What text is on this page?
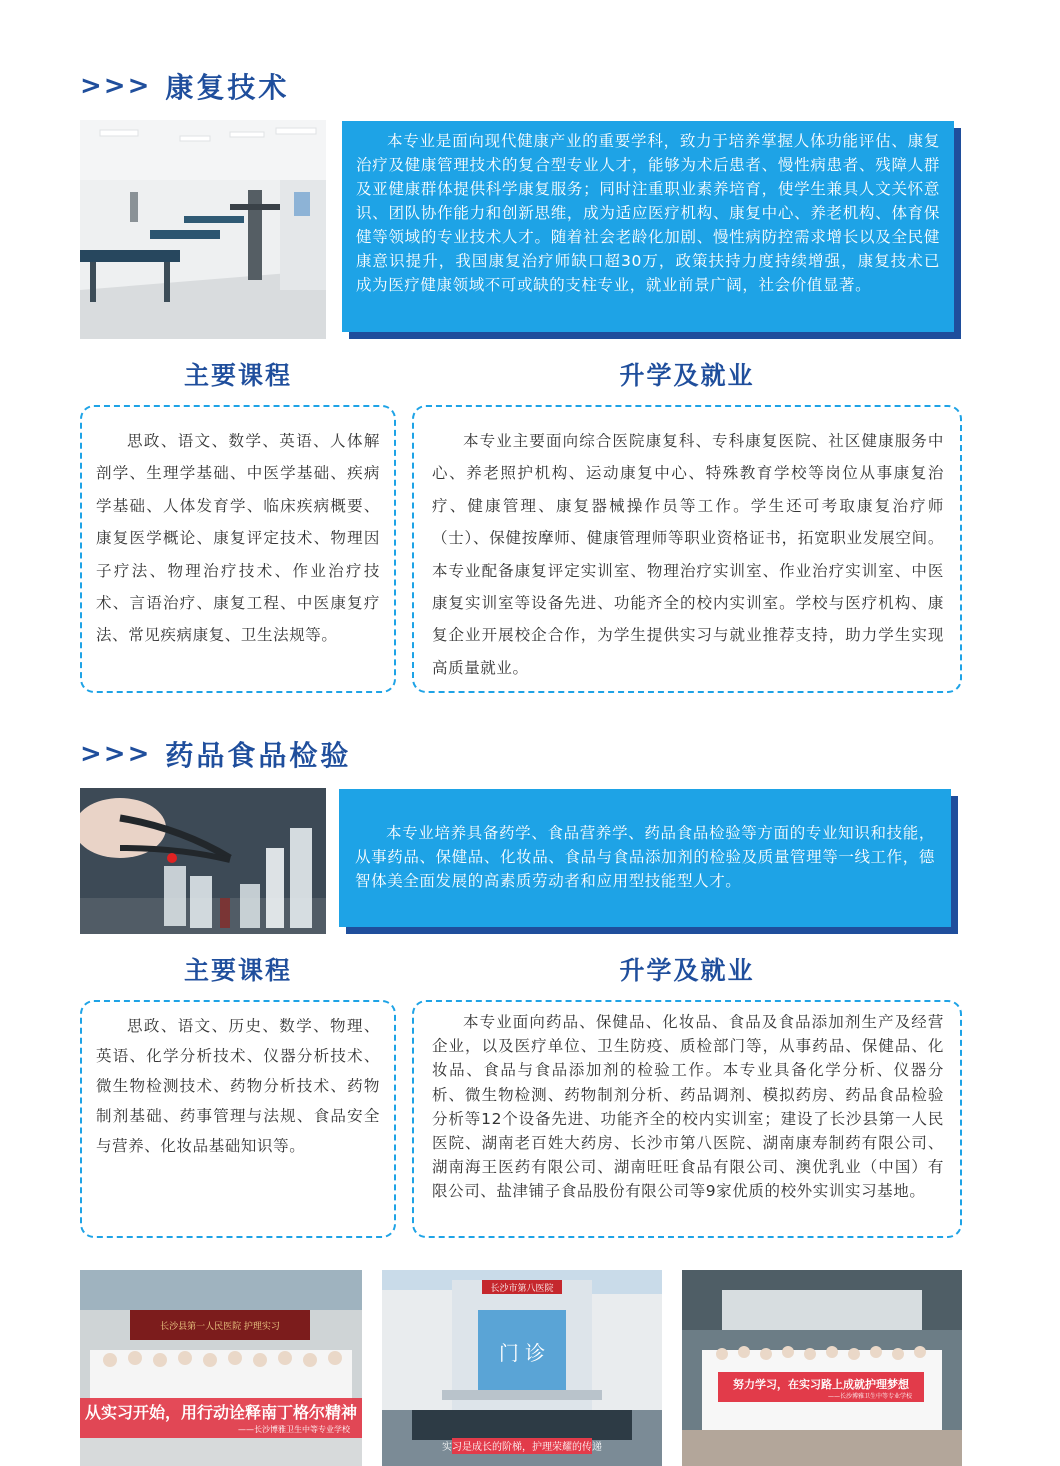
>>> 康复技术

本专业是面向现代健康产业的重要学科，致力于培养掌握人体功能评估、康复治疗及健康管理技术的复合型专业人才，能够为术后患者、慢性病患者、残障人群及亚健康群体提供科学康复服务；同时注重职业素养培育，使学生兼具人文关怀意识、团队协作能力和创新思维，成为适应医疗机构、康复中心、养老机构、体育保健等领域的专业技术人才。随着社会老龄化加剧、慢性病防控需求增长以及全民健康意识提升，我国康复治疗师缺口超30万，政策扶持力度持续增强，康复技术已成为医疗健康领域不可或缺的支柱专业，就业前景广阔，社会价值显著。

主要课程	升学及就业

思政、语文、数学、英语、人体解剖学、生理学基础、中医学基础、疾病学基础、人体发育学、临床疾病概要、康复医学概论、康复评定技术、物理因子疗法、物理治疗技术、作业治疗技术、言语治疗、康复工程、中医康复疗法、常见疾病康复、卫生法规等。

本专业主要面向综合医院康复科、专科康复医院、社区健康服务中心、养老照护机构、运动康复中心、特殊教育学校等岗位从事康复治疗、健康管理、康复器械操作员等工作。学生还可考取康复治疗师（士）、保健按摩师、健康管理师等职业资格证书，拓宽职业发展空间。本专业配备康复评定实训室、物理治疗实训室、作业治疗实训室、中医康复实训室等设备先进、功能齐全的校内实训室。学校与医疗机构、康复企业开展校企合作，为学生提供实习与就业推荐支持，助力学生实现高质量就业。

>>> 药品食品检验

本专业培养具备药学、食品营养学、药品食品检验等方面的专业知识和技能，从事药品、保健品、化妆品、食品与食品添加剂的检验及质量管理等一线工作，德智体美全面发展的高素质劳动者和应用型技能型人才。

主要课程	升学及就业

思政、语文、历史、数学、物理、英语、化学分析技术、仪器分析技术、微生物检测技术、药物分析技术、药物制剂基础、药事管理与法规、食品安全与营养、化妆品基础知识等。

本专业面向药品、保健品、化妆品、食品及食品添加剂生产及经营企业，以及医疗单位、卫生防疫、质检部门等，从事药品、保健品、化妆品、食品与食品添加剂的检验工作。本专业具备化学分析、仪器分析、微生物检测、药物制剂分析、药品调剂、模拟药房、药品食品检验分析等12个设备先进、功能齐全的校内实训室；建设了长沙县第一人民医院、湖南老百姓大药房、长沙市第八医院、湖南康寿制药有限公司、湖南海王医药有限公司、湖南旺旺食品有限公司、澳优乳业（中国）有限公司、盐津铺子食品股份有限公司等9家优质的校外实训实习基地。

长沙县第一人民医院 护理实习
从实习开始，用行动诠释南丁格尔精神
——长沙博雅卫生中等专业学校
长沙市第八医院
门 诊
实习是成长的阶梯，护理荣耀的传递
努力学习，在实习路上成就护理梦想
——长沙博雅卫生中等专业学校
